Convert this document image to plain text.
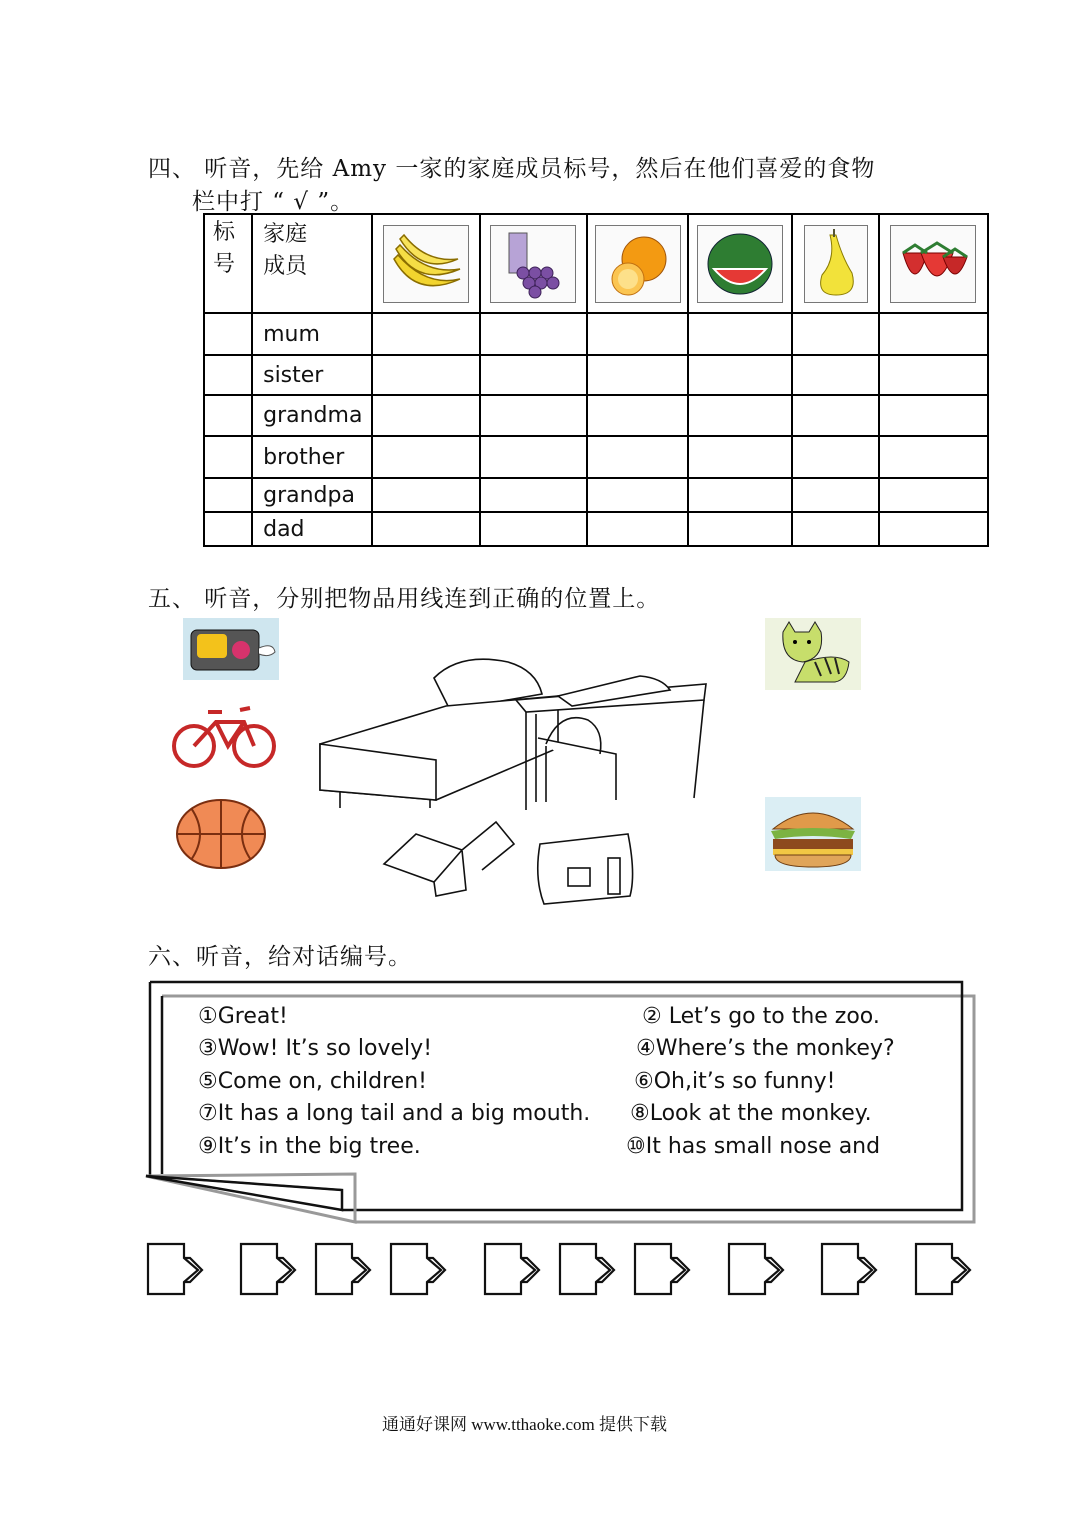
四、 听音，先给 Amy 一家的家庭成员标号，然后在他们喜爱的食物
栏中打 “ √ ”。
标号	家庭成员

	mum						
	sister						
	grandma						
	brother						
	grandpa						
	dad						
五、 听音，分别把物品用线连到正确的位置上。
六、听音，给对话编号。
①Great!	② Let’s go to the zoo.
③Wow! It’s so lovely!	④Where’s the monkey?
⑤Come on, children!	⑥Oh,it’s so funny!
⑦It has a long tail and a big mouth. ⑧Look at the monkey.
⑨It’s in the big tree.	⑩It has small nose and
通通好课网 www.tthaoke.com 提供下载
